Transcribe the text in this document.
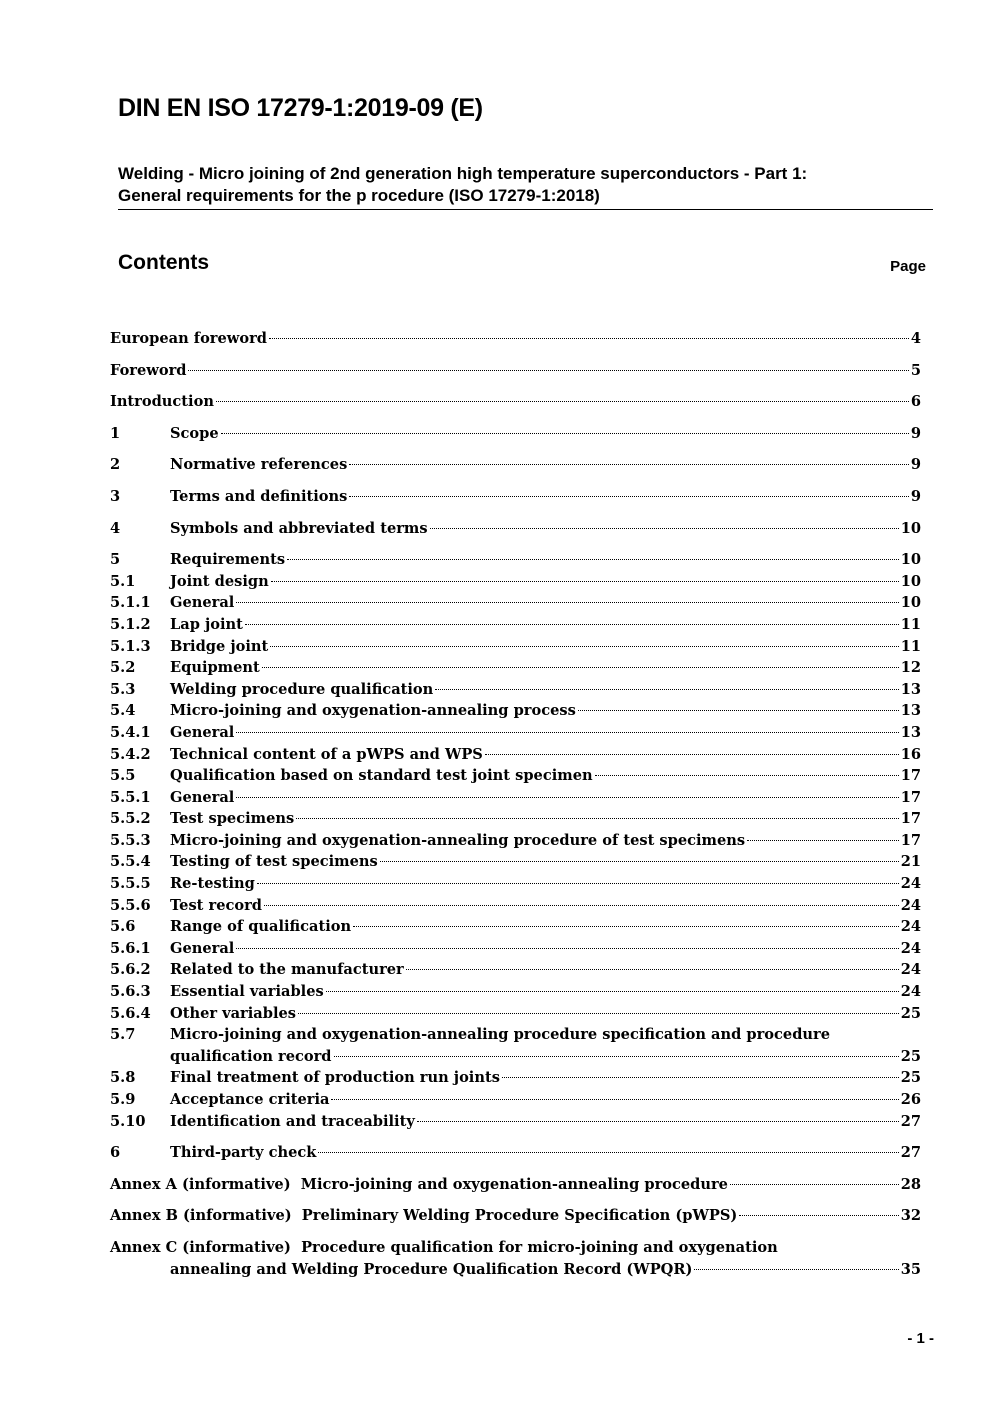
DIN EN ISO 17279-1:2019-09 (E)
Welding - Micro joining of 2nd generation high temperature superconductors - Part 1:
General requirements for the p rocedure (ISO 17279-1:2018)
Contents	Page
European foreword	4
Foreword	5
Introduction	6
1	Scope	9
2	Normative references	9
3	Terms and definitions	9
4	Symbols and abbreviated terms	10
5	Requirements	10
5.1 Joint design	10
5.1.1 General	10
5.1.2 Lap joint	11
5.1.3 Bridge joint	11
5.2 Equipment	12
5.3 Welding procedure qualification	13
5.4 Micro-joining and oxygenation-annealing process	13
5.4.1 General	13
5.4.2 Technical content of a pWPS and WPS	16
5.5 Qualification based on standard test joint specimen	17
5.5.1 General	17
5.5.2 Test specimens	17
5.5.3 Micro-joining and oxygenation-annealing procedure of test specimens	17
5.5.4 Testing of test specimens	21
5.5.5 Re-testing	24
5.5.6 Test record	24
5.6 Range of qualification	24
5.6.1 General	24
5.6.2 Related to the manufacturer	24
5.6.3 Essential variables	24
5.6.4 Other variables	25
5.7 Micro-joining and oxygenation-annealing procedure specification and procedure
qualification record	25
5.8 Final treatment of production run joints	25
5.9 Acceptance criteria	26
5.10 Identification and traceability	27
6	Third-party check	27
Annex A (informative)  Micro-joining and oxygenation-annealing procedure	28
Annex B (informative)  Preliminary Welding Procedure Specification (pWPS)	32
Annex C (informative)  Procedure qualification for micro-joining and oxygenation
annealing and Welding Procedure Qualification Record (WPQR)	35
- 1 -
